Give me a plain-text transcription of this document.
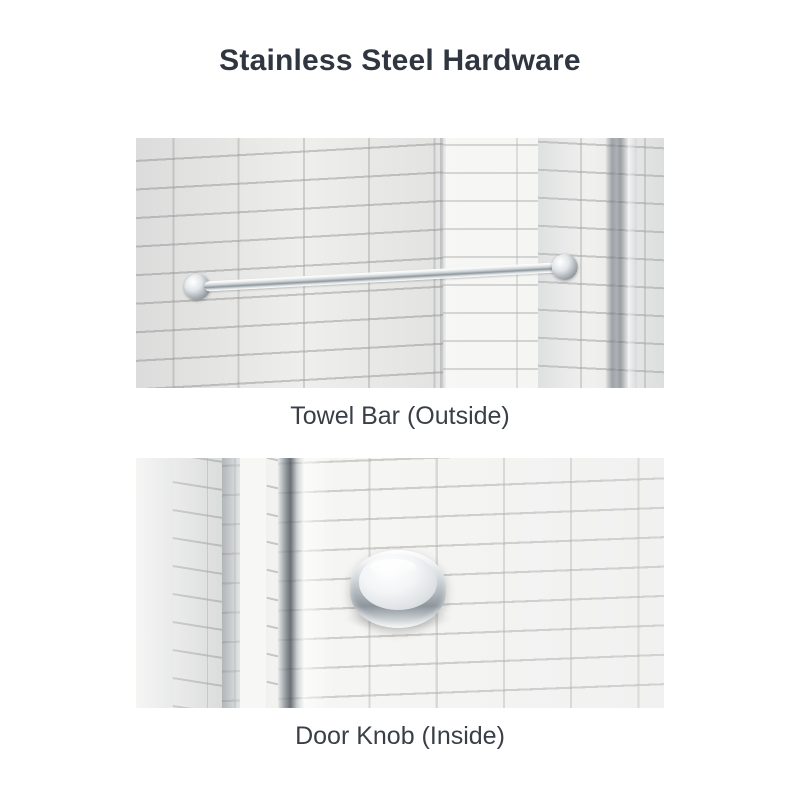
Stainless Steel Hardware
Towel Bar (Outside)
Door Knob (Inside)
